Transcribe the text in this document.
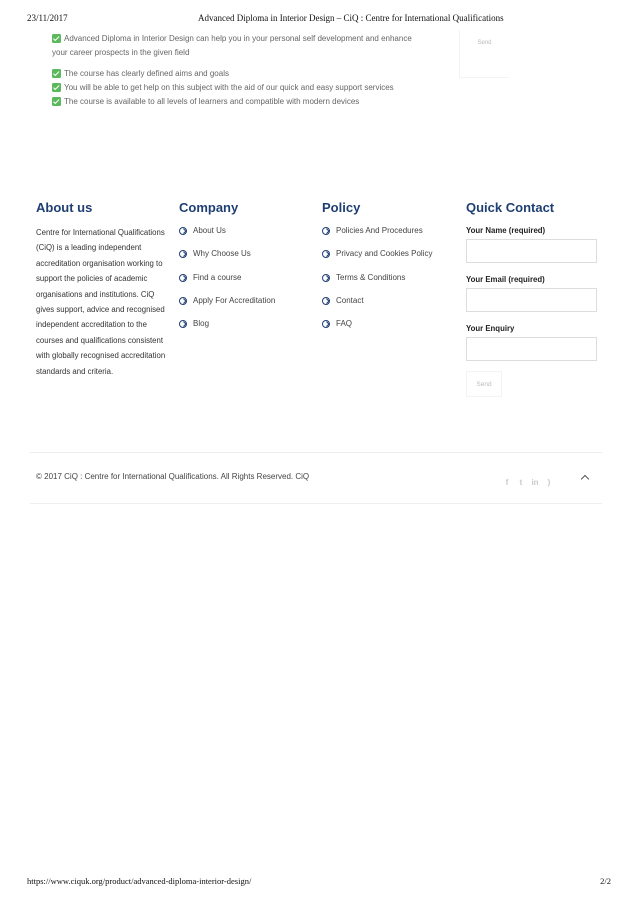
23/11/2017	Advanced Diploma in Interior Design – CiQ : Centre for International Qualifications
Advanced Diploma in Interior Design can help you in your personal self development and enhance
your career prospects in the given field
The course has clearly defined aims and goals
You will be able to get help on this subject with the aid of our quick and easy support services
The course is available to all levels of learners and compatible with modern devices
Send
About us
Centre for International Qualifications (CiQ) is a leading independent accreditation organisation working to support the policies of academic organisations and institutions. CiQ gives support, advice and recognised independent accreditation to the courses and qualifications consistent with globally recognised accreditation standards and criteria.
Company
About Us
Why Choose Us
Find a course
Apply For Accreditation
Blog
Policy
Policies And Procedures
Privacy and Cookies Policy
Terms & Conditions
Contact
FAQ
Quick Contact
Your Name (required)
Your Email (required)
Your Enquiry
Send
© 2017 CiQ : Centre for International Qualifications. All Rights Reserved. CiQ
f t in )
https://www.ciquk.org/product/advanced-diploma-interior-design/	2/2
